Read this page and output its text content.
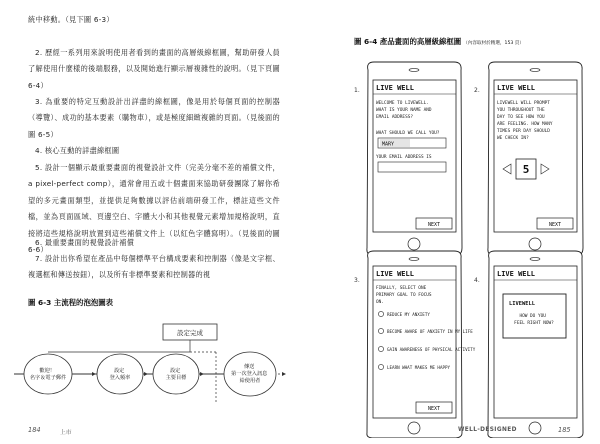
統中移動。（見下圖 6-3）

2. 歷經一系列用來說明使用者看到的畫面的高層級線框圖，幫助研發人員了解使用什麼樣的後端服務，以及開始進行顯示層複雜性的說明。（見下頁圖 6-4）

3. 為重要的特定互動設計出詳盡的線框圖，像是用於每個頁面的控制器（導覽）、成功的基本要素（購物車），或是極度細緻複雜的頁面。（見後面的圖 6-5）

4. 核心互動的詳盡線框圖

5. 設計一個顯示最重要畫面的視覺設計文件（完美分毫不差的補償文件，a pixel-perfect comp），通常會用五或十個畫面來協助研發團隊了解你希望的多元畫面類型，並提供足夠數據以評估前端研發工作，標註這些文件檔，並為頁面區域、頁邊空白、字體大小和其他視覺元素增加規格說明，直接將這些規格說明放置到這些補償文件上（以紅色字體寫明）。（見後面的圖 6-6）

6. 最重要畫面的視覺設計補償

7. 設計出你希望在產品中每個標準平台構成要素和控制器（像是文字框、複選框和傳送按鈕），以及所有非標準要素和控制器的視

圖 6-3 主流程的泡泡圖表
設定完成
歡迎！ 名字＆電子郵件
設定 登入頻率
設定 主要目標
傳送 第一次登入訊息 給使用者
184	上市
圖 6-4 產品畫面的高層級線框圖 （內容取材於精選，153 頁）
1. LIVE WELL
WELCOME TO LIVEWELL. WHAT IS YOUR NAME AND EMAIL ADDRESS? WHAT SHOULD WE CALL YOU?
MARY
YOUR EMAIL ADDRESS IS
NEXT
2. LIVE WELL
LIVEWELL WILL PROMPT YOU THROUGHOUT THE DAY TO SEE HOW YOU ARE FEELING. HOW MANY TIMES PER DAY SHOULD WE CHECK IN?
5
NEXT
3.
LIVE WELL
FINALLY, SELECT ONE PRIMARY GOAL TO FOCUS ON.
REDUCE MY ANXIETY
BECOME AWARE OF ANXIETY IN MY LIFE
GAIN AWARENESS OF PHYSICAL ACTIVITY
LEARN WHAT MAKES ME HAPPY
NEXT
4.
LIVE WELL
LIVEWELL
HOW DO YOU FEEL RIGHT NOW?
WELL-DESIGNED	185
